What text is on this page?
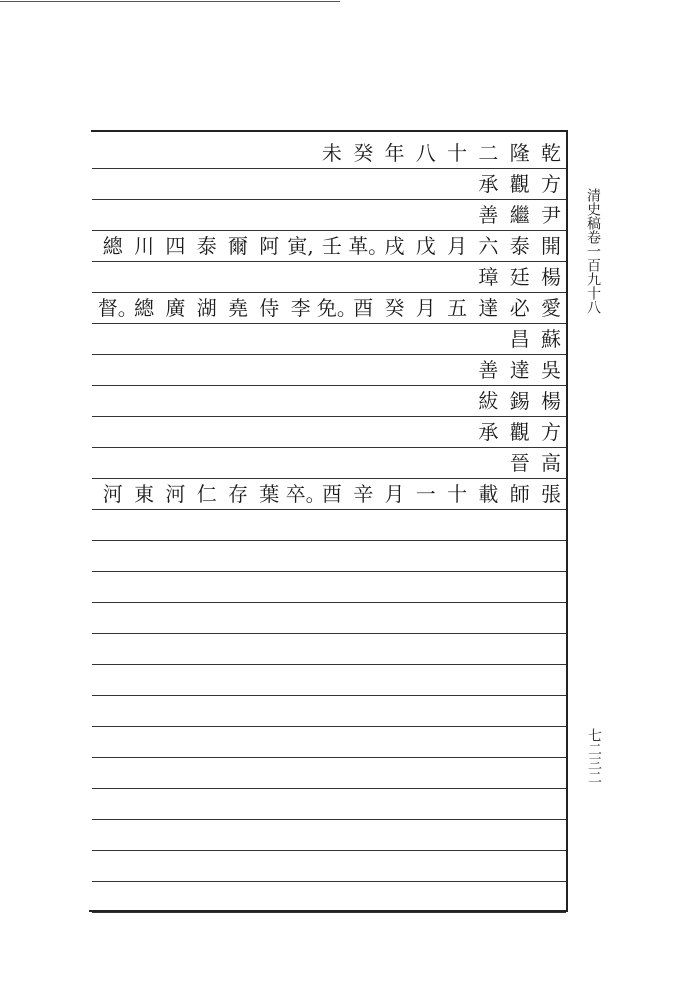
乾
隆
二
十
八
年
癸
未
方
觀
承
尹
繼
善
開
泰
六
月
戊
戌
革。
壬
寅,
阿
爾
泰
四
川
總
楊
廷
璋
愛
必
達
五
月
癸
酉
免。
李
侍
堯
湖
廣
總
督。
蘇
昌
吳
達
善
楊
錫
紱
方
觀
承
高
晉
張
師
載
十
一
月
辛
酉
卒。
葉
存
仁
河
東
河
清史稿卷一百九十八
七二三二
